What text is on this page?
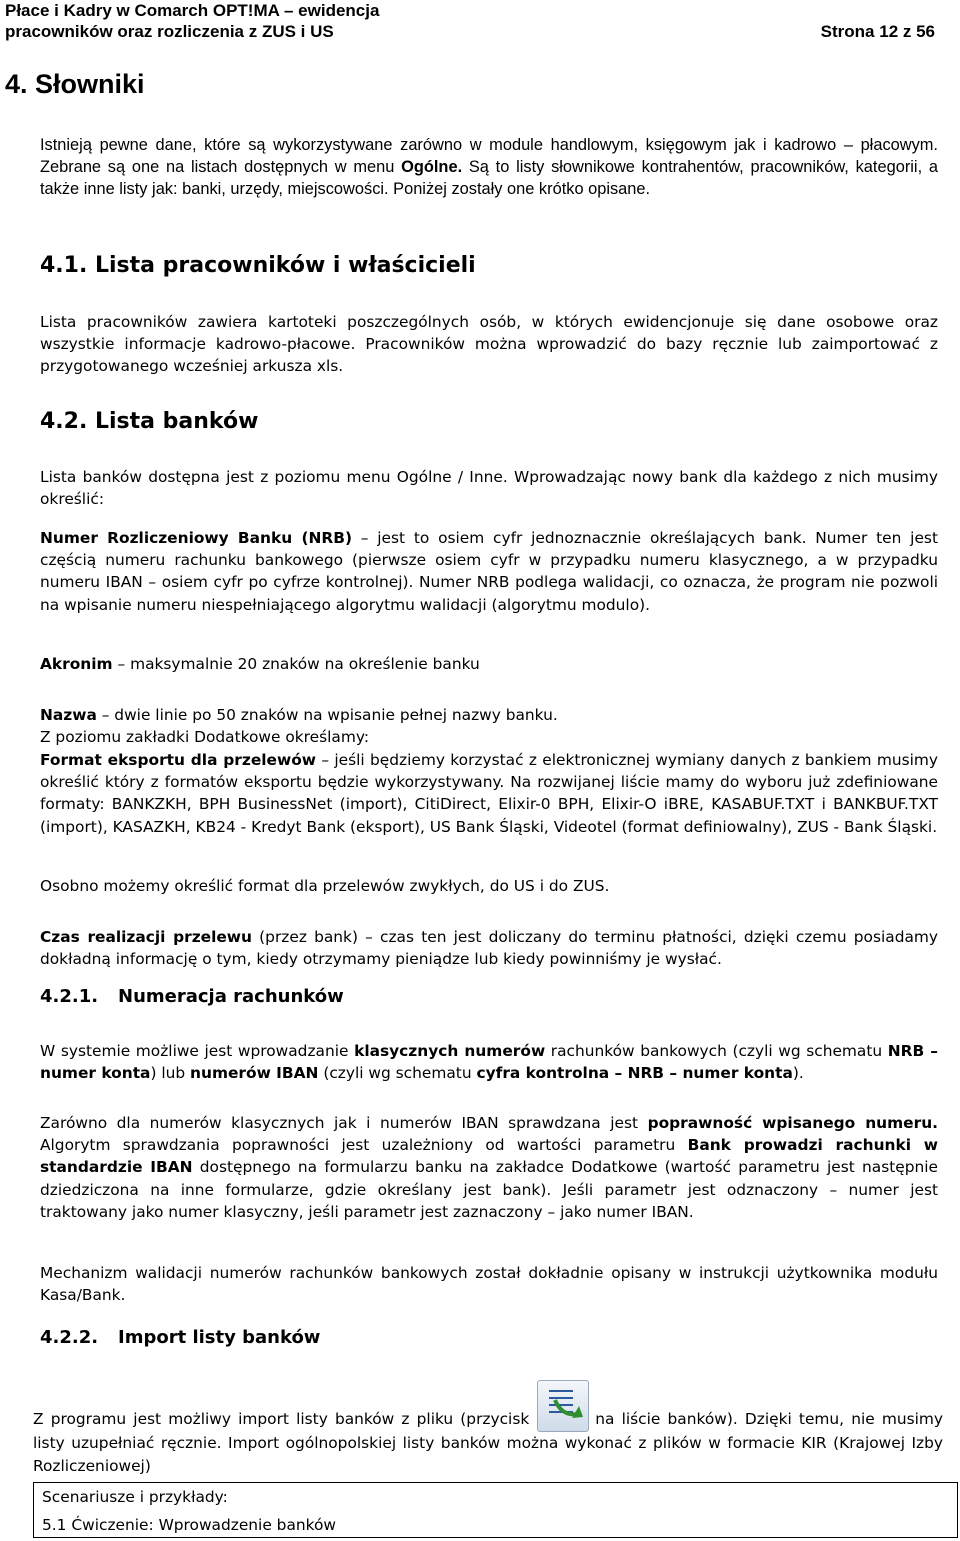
Płace i Kadry w Comarch OPT!MA – ewidencja
pracowników oraz rozliczenia z ZUS i US	Strona 12 z 56
4. Słowniki
Istnieją pewne dane, które są wykorzystywane zarówno w module handlowym, księgowym jak i kadrowo – płacowym. Zebrane są one na listach dostępnych w menu Ogólne. Są to listy słownikowe kontrahentów, pracowników, kategorii, a także inne listy jak: banki, urzędy, miejscowości. Poniżej zostały one krótko opisane.
4.1. Lista pracowników i właścicieli
Lista pracowników zawiera kartoteki poszczególnych osób, w których ewidencjonuje się dane osobowe oraz wszystkie informacje kadrowo-płacowe. Pracowników można wprowadzić do bazy ręcznie lub zaimportować z przygotowanego wcześniej arkusza xls.
4.2. Lista banków
Lista banków dostępna jest z poziomu menu Ogólne / Inne. Wprowadzając nowy bank dla każdego z nich musimy określić:
Numer Rozliczeniowy Banku (NRB) – jest to osiem cyfr jednoznacznie określających bank. Numer ten jest częścią numeru rachunku bankowego (pierwsze osiem cyfr w przypadku numeru klasycznego, a w przypadku numeru IBAN – osiem cyfr po cyfrze kontrolnej). Numer NRB podlega walidacji, co oznacza, że program nie pozwoli na wpisanie numeru niespełniającego algorytmu walidacji (algorytmu modulo).
Akronim – maksymalnie 20 znaków na określenie banku
Nazwa – dwie linie po 50 znaków na wpisanie pełnej nazwy banku.
Z poziomu zakładki Dodatkowe określamy:
Format eksportu dla przelewów – jeśli będziemy korzystać z elektronicznej wymiany danych z bankiem musimy określić który z formatów eksportu będzie wykorzystywany. Na rozwijanej liście mamy do wyboru już zdefiniowane formaty: BANKZKH, BPH BusinessNet (import), CitiDirect, Elixir-0 BPH, Elixir-O iBRE, KASABUF.TXT i BANKBUF.TXT (import), KASAZKH, KB24 - Kredyt Bank (eksport), US Bank Śląski, Videotel (format definiowalny), ZUS - Bank Śląski.
Osobno możemy określić format dla przelewów zwykłych, do US i do ZUS.
Czas realizacji przelewu (przez bank) – czas ten jest doliczany do terminu płatności, dzięki czemu posiadamy dokładną informację o tym, kiedy otrzymamy pieniądze lub kiedy powinniśmy je wysłać.
4.2.1. Numeracja rachunków
W systemie możliwe jest wprowadzanie klasycznych numerów rachunków bankowych (czyli wg schematu NRB – numer konta) lub numerów IBAN (czyli wg schematu cyfra kontrolna – NRB – numer konta).
Zarówno dla numerów klasycznych jak i numerów IBAN sprawdzana jest poprawność wpisanego numeru. Algorytm sprawdzania poprawności jest uzależniony od wartości parametru Bank prowadzi rachunki w standardzie IBAN dostępnego na formularzu banku na zakładce Dodatkowe (wartość parametru jest następnie dziedziczona na inne formularze, gdzie określany jest bank). Jeśli parametr jest odznaczony – numer jest traktowany jako numer klasyczny, jeśli parametr jest zaznaczony – jako numer IBAN.
Mechanizm walidacji numerów rachunków bankowych został dokładnie opisany w instrukcji użytkownika modułu Kasa/Bank.
4.2.2. Import listy banków
Z programu jest możliwy import listy banków z pliku (przycisk	na liście banków). Dzięki temu, nie musimy listy uzupełniać ręcznie. Import ogólnopolskiej listy banków można wykonać z plików w formacie KIR (Krajowej Izby Rozliczeniowej)
Scenariusze i przykłady:
5.1 Ćwiczenie: Wprowadzenie banków
